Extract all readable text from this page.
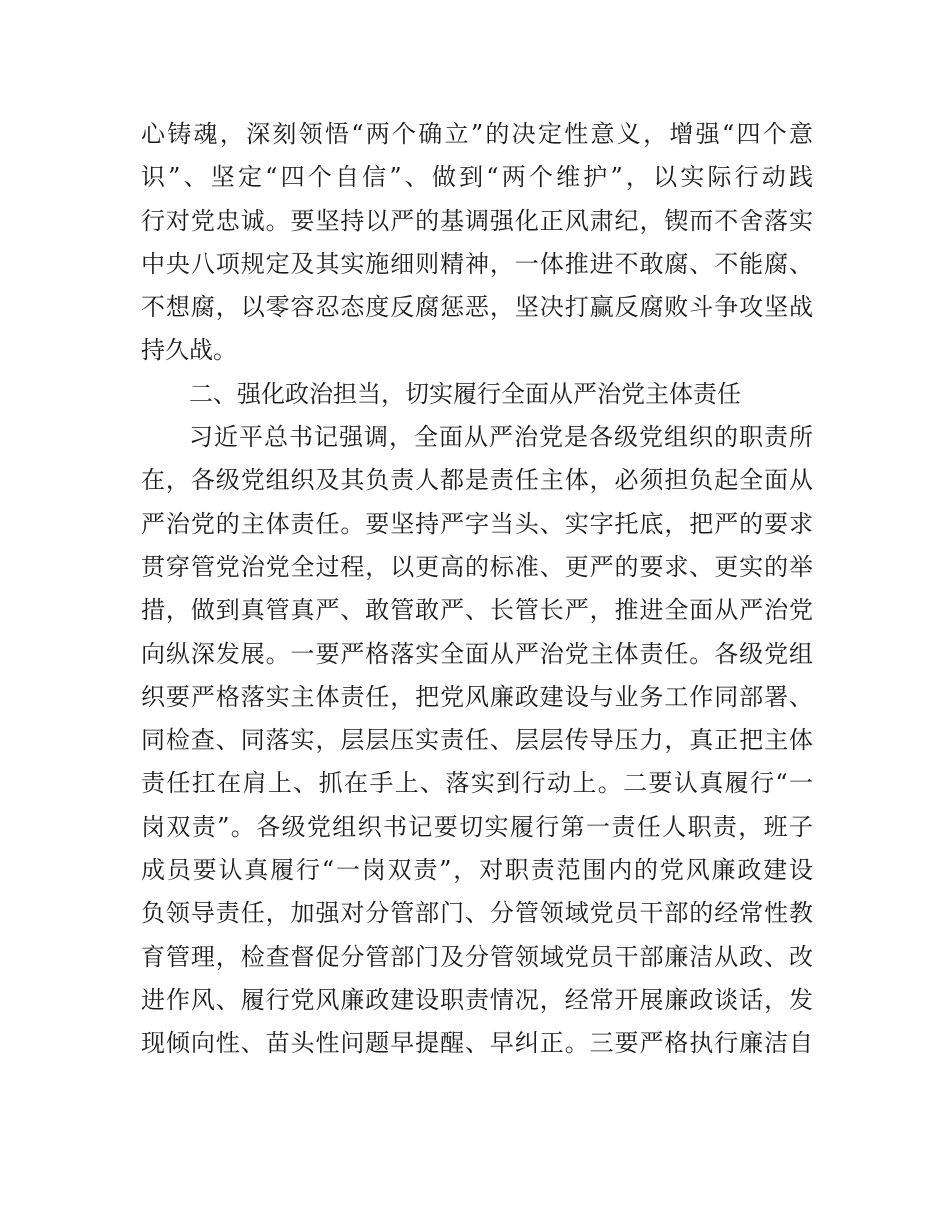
心铸魂，深刻领悟“两个确立”的决定性意义，增强“四个意
识”、坚定“四个自信”、做到“两个维护”，以实际行动践
行对党忠诚。要坚持以严的基调强化正风肃纪，锲而不舍落实
中央八项规定及其实施细则精神，一体推进不敢腐、不能腐、
不想腐，以零容忍态度反腐惩恶，坚决打赢反腐败斗争攻坚战
持久战。
二、强化政治担当，切实履行全面从严治党主体责任
习近平总书记强调，全面从严治党是各级党组织的职责所
在，各级党组织及其负责人都是责任主体，必须担负起全面从
严治党的主体责任。要坚持严字当头、实字托底，把严的要求
贯穿管党治党全过程，以更高的标准、更严的要求、更实的举
措，做到真管真严、敢管敢严、长管长严，推进全面从严治党
向纵深发展。一要严格落实全面从严治党主体责任。各级党组
织要严格落实主体责任，把党风廉政建设与业务工作同部署、
同检查、同落实，层层压实责任、层层传导压力，真正把主体
责任扛在肩上、抓在手上、落实到行动上。二要认真履行“一
岗双责”。各级党组织书记要切实履行第一责任人职责，班子
成员要认真履行“一岗双责”，对职责范围内的党风廉政建设
负领导责任，加强对分管部门、分管领域党员干部的经常性教
育管理，检查督促分管部门及分管领域党员干部廉洁从政、改
进作风、履行党风廉政建设职责情况，经常开展廉政谈话，发
现倾向性、苗头性问题早提醒、早纠正。三要严格执行廉洁自
